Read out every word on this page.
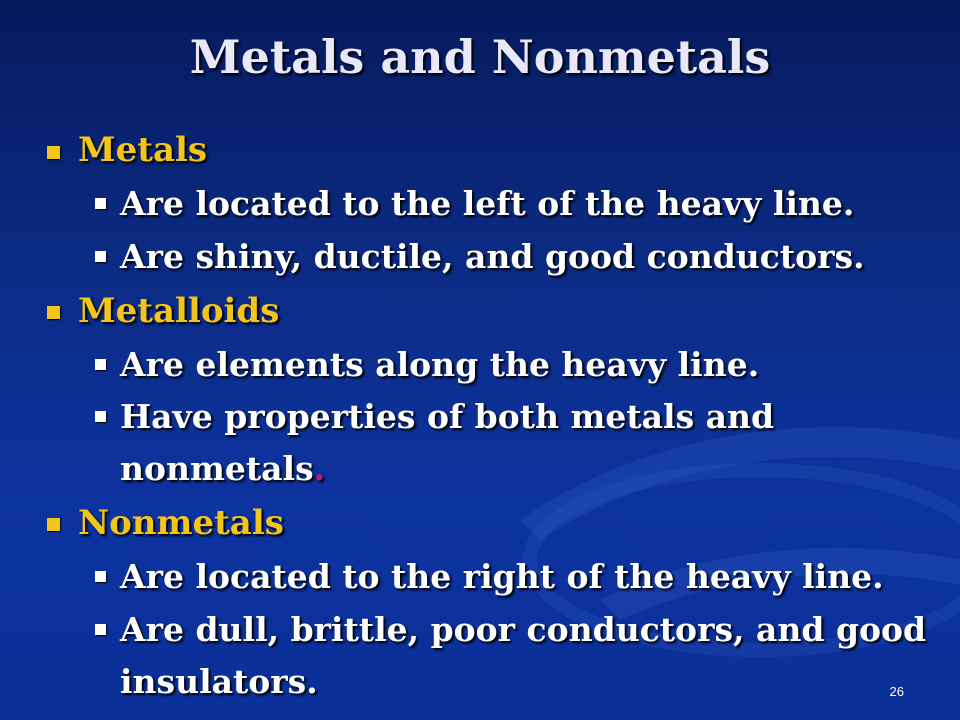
Metals and Nonmetals
Metals
Are located to the left of the heavy line.
Are shiny, ductile, and good conductors.
Metalloids
Are elements along the heavy line.
Have properties of both metals and
nonmetals.
Nonmetals
Are located to the right of the heavy line.
Are dull, brittle, poor conductors, and good
insulators.	26
